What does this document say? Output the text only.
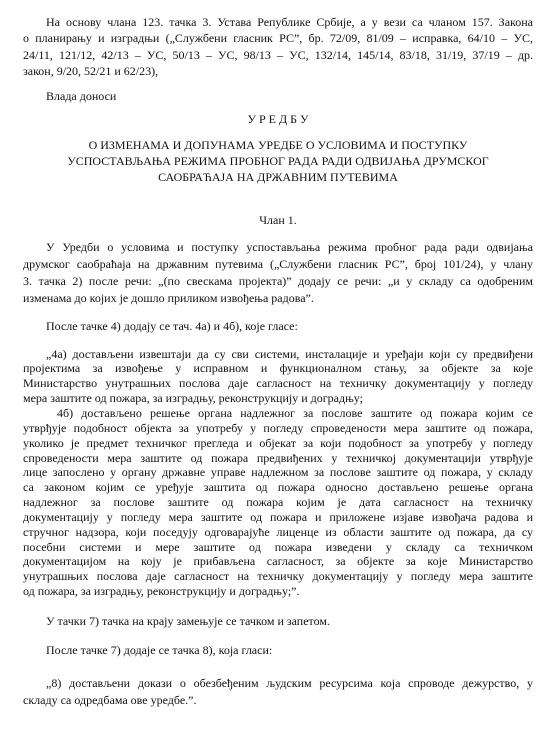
На основу члана 123. тачка 3. Устава Републике Србије, а у вези са чланом 157. Закона
о планирању и изградњи („Службени гласник РС”, бр. 72/09, 81/09 – исправка, 64/10 – УС,
24/11, 121/12, 42/13 – УС, 50/13 – УС, 98/13 – УС, 132/14, 145/14, 83/18, 31/19, 37/19 – др.
закон, 9/20, 52/21 и 62/23),
Влада доноси
У Р Е Д Б У
О ИЗМЕНАМА И ДОПУНАМА УРЕДБЕ О УСЛОВИМА И ПОСТУПКУ
УСПОСТАВЉАЊА РЕЖИМА ПРОБНОГ РАДА РАДИ ОДВИЈАЊА ДРУМСКОГ
САОБРАЋАЈА НА ДРЖАВНИМ ПУТЕВИМА
Члан 1.
У Уредби о условима и поступку успостављања режима пробног рада ради одвијања
друмског саобраћаја на државним путевима („Службени гласник РС”, број 101/24), у члану
3. тачка 2) после речи: „(по свескама пројекта)” додају се речи: „и у складу са одобреним
изменама до којих је дошло приликом извођења радова”.
После тачке 4) додају се тач. 4а) и 4б), које гласе:
„4а) достављени извештаји да су сви системи, инсталације и уређаји који су предвиђени
пројектима за извођење у исправном и функционалном стању, за објекте за које
Министарство унутрашњих послова даје сагласност на техничку документацију у погледу
мера заштите од пожара, за изградњу, реконструкцију и доградњу;
4б) достављено решење органа надлежног за послове заштите од пожара којим се
утврђује подобност објекта за употребу у погледу спроведености мера заштите од пожара,
уколико је предмет техничког прегледа и објекат за који подобност за употребу у погледу
спроведености мера заштите од пожара предвиђених у техничкој документацији утврђује
лице запослено у органу државне управе надлежном за послове заштите од пожара, у складу
са законом којим се уређује заштита од пожара односно достављено решење органа
надлежног за послове заштите од пожара којим је дата сагласност на техничку
документацију у погледу мера заштите од пожара и приложене изјаве извођача радова и
стручног надзора, који поседују одговарајуће лиценце из области заштите од пожара, да су
посебни системи и мере заштите од пожара изведени у складу са техничком
документацијом на коју је прибављена сагласност, за објекте за које Министарство
унутрашњих послова даје сагласност на техничку документацију у погледу мера заштите
од пожара, за изградњу, реконструкцију и доградњу;”.
У тачки 7) тачка на крају замењује се тачком и запетом.
После тачке 7) додаје се тачка 8), која гласи:
„8) достављени докази о обезбеђеним људским ресурсима која спроводе дежурство, у
складу са одредбама ове уредбе.”.
